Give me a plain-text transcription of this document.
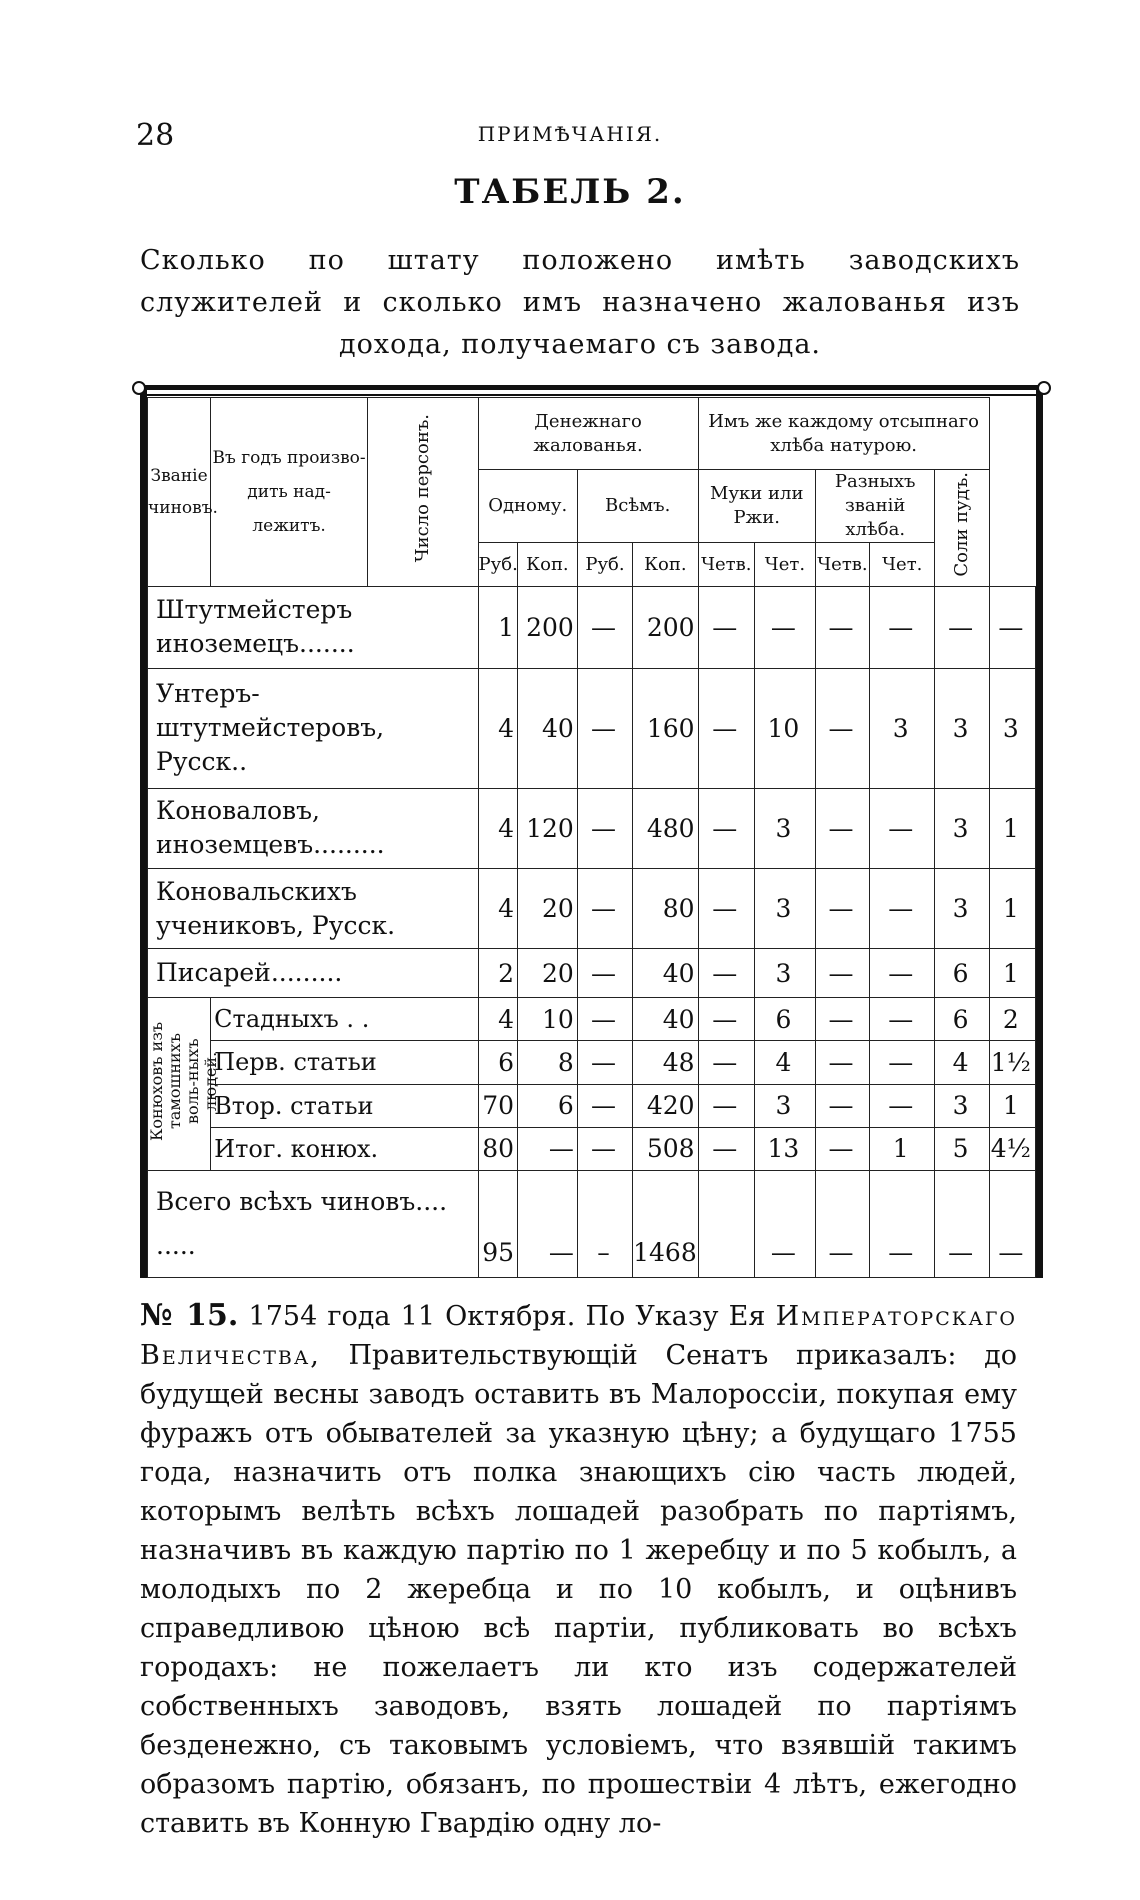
28	ПРИМѢЧАНІЯ.
ТАБЕЛЬ 2.
Сколько по штату положено имѣть заводскихъ служителей и сколько имъ назначено жалованья изъ дохода, получаемаго съ завода.
Званіе чиновъ.	Въ годъ произво- дить над- лежитъ.	Число персонъ.	Денежнаго жалованья.				Имъ же каждому отсыпнаго хлѣба натурою.					
			Одному.		Всѣмъ.		Муки или Ржи.		Разныхъ званій хлѣба.		Соли пудъ.	
			Руб.	Коп.	Руб.	Коп.	Четв.	Чет.	Четв.	Чет.		
Штутмейстеръ иноземецъ.......			1	200	—	200	—	—	—	—	—	—
Унтеръ-штутмейстеровъ, Русск..			4	40	—	160	—	10	—	3	3	3
Коноваловъ, иноземцевъ.........			4	120	—	480	—	3	—	—	3	1
Коновальскихъ учениковъ, Русск.			4	20	—	80	—	3	—	—	3	1
Писарей.........			2	20	—	40	—	3	—	—	6	1
Конюховъ изъ тамошнихъ воль-ныхъ людей.	Стадныхъ . .		4	10	—	40	—	6	—	—	6	2
	Перв. статьи		6	8	—	48	—	4	—	—	4	1½
	Втор. статьи		70	6	—	420	—	3	—	—	3	1
	Итог. конюх.		80	—	—	508	—	13	—	1	5	4½
Всего всѣхъ чиновъ.... .....			95	—	–	1468		—	—	—	—	—

№ 15. 1754 года 11 Октября. По Указу Ея Императорскаго Величества, Правительствующій Сенатъ приказалъ: до будущей весны заводъ оставить въ Малороссіи, покупая ему фуражъ отъ обывателей за указную цѣну; а будущаго 1755 года, назначить отъ полка знающихъ сію часть людей, которымъ велѣть всѣхъ лошадей разобрать по партіямъ, назначивъ въ каждую партію по 1 жеребцу и по 5 кобылъ, а молодыхъ по 2 жеребца и по 10 кобылъ, и оцѣнивъ справедливою цѣною всѣ партіи, публиковать во всѣхъ городахъ: не пожелаетъ ли кто изъ содержателей собственныхъ заводовъ, взять лошадей по партіямъ безденежно, съ таковымъ условіемъ, что взявшій такимъ образомъ партію, обязанъ, по прошествіи 4 лѣтъ, ежегодно ставить въ Конную Гвардію одну ло-
